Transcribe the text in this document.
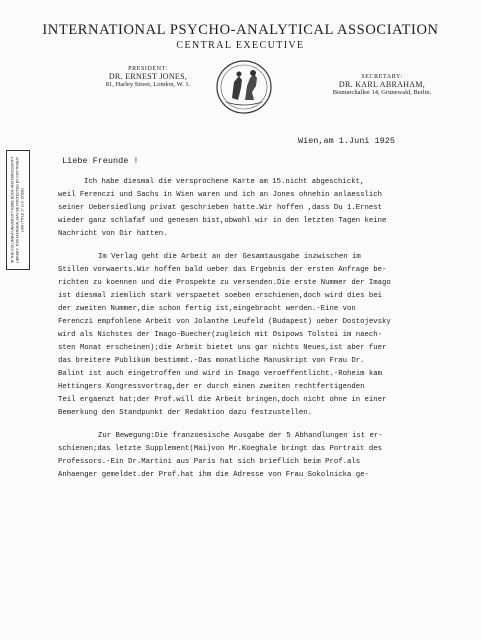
INTERNATIONAL PSYCHO-ANALYTICAL ASSOCIATION
CENTRAL EXECUTIVE
PRESIDENT:
DR. ERNEST JONES,
81, Harley Street, London, W. 1.
SECRETARY:
DR. KARL ABRAHAM,
Bismarckallee 14, Grunewald, Berlin.
IN THE COLUMBIA UNIVERSITY RARE BOOK AND MANUSCRIPT LIBRARY. THIS MATERIAL MAY BE PROTECTED BY COPYRIGHT LAW (TITLE 17 U.S. CODE)
Wien,am 1.Juni 1925
Liebe Freunde !
Ich habe diesmal die versprochene Karte am 15.nicht abgeschickt,
weil Ferenczi und Sachs in Wien waren und ich an Jones ohnehin anlaesslich
seiner Uebersiedlung privat geschrieben hatte.Wir hoffen ,dass Du 1.Ernest
wieder ganz schlafaf und genesen bist,obwohl wir in den letzten Tagen keine
Nachricht von Dir hatten.
Im Verlag geht die Arbeit an der Gesamtausgabe inzwischen im
Stillen vorwaerts.Wir hoffen bald ueber das Ergebnis der ersten Anfrage be-
richten zu koennen und die Prospekte zu versenden.Die erste Nummer der Imago
ist diesmal ziemlich stark verspaetet soeben erschienen,doch wird dies bei
der zweiten Nummer,die schon fertig ist,eingebracht werden.-Eine von
Ferenczi empfohlene Arbeit von Jolanthe Leufeld (Budapest) ueber Dostojevsky
wird als Nichstes der Imago-Buecher(zugleich mit Osipows Tolstoi im naech-
sten Monat erscheinen);die Arbeit bietet uns gar nichts Neues,ist aber fuer
das breitere Publikum bestimmt.-Das monatliche Manuskript von Frau Dr.
Balint ist auch eingetroffen und wird in Imago veroeffentlicht.-Roheim kam
Hettingers Kongressvortrag,der er durch einen zweiten rechtfertigenden
Teil ergaenzt hat;der Prof.will die Arbeit bringen,doch nicht ohne in einer
Bemerkung den Standpunkt der Redaktion dazu festzustellen.
Zur Bewegung:Die franzoesische Ausgabe der 5 Abhandlungen ist er-
schienen;das letzte Supplement(Mai)von Mr.Koeghale bringt das Portrait des
Professors.-Ein Dr.Martini aus Paris hat sich brieflich beim Prof.als
Anhaenger gemeldet.der Prof.hat ihm die Adresse von Frau Sokolnicka ge-
